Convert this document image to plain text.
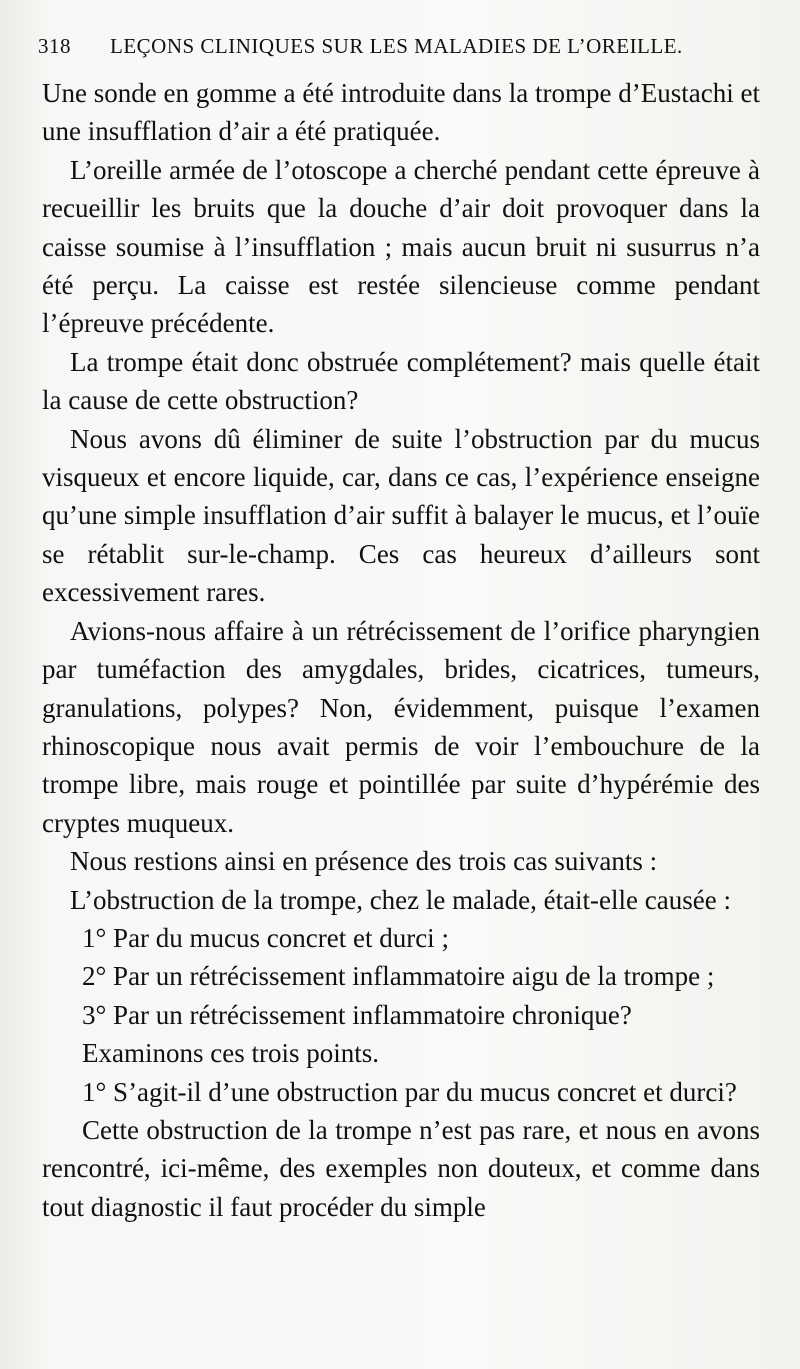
318 LEÇONS CLINIQUES SUR LES MALADIES DE L’OREILLE.

Une sonde en gomme a été introduite dans la trompe d’Eustachi et une insufflation d’air a été pratiquée.

L’oreille armée de l’otoscope a cherché pendant cette épreuve à recueillir les bruits que la douche d’air doit provoquer dans la caisse soumise à l’insufflation ; mais aucun bruit ni susurrus n’a été perçu. La caisse est restée silencieuse comme pendant l’épreuve précédente.

La trompe était donc obstruée complétement? mais quelle était la cause de cette obstruction?

Nous avons dû éliminer de suite l’obstruction par du mucus visqueux et encore liquide, car, dans ce cas, l’expérience enseigne qu’une simple insufflation d’air suffit à balayer le mucus, et l’ouïe se rétablit sur-le-champ. Ces cas heureux d’ailleurs sont excessivement rares.

Avions-nous affaire à un rétrécissement de l’orifice pharyngien par tuméfaction des amygdales, brides, cicatrices, tumeurs, granulations, polypes? Non, évidemment, puisque l’examen rhinoscopique nous avait permis de voir l’embouchure de la trompe libre, mais rouge et pointillée par suite d’hypérémie des cryptes muqueux.

Nous restions ainsi en présence des trois cas suivants :

L’obstruction de la trompe, chez le malade, était-elle causée :

1° Par du mucus concret et durci ;

2° Par un rétrécissement inflammatoire aigu de la trompe ;

3° Par un rétrécissement inflammatoire chronique?

Examinons ces trois points.

1° S’agit-il d’une obstruction par du mucus concret et durci?

Cette obstruction de la trompe n’est pas rare, et nous en avons rencontré, ici-même, des exemples non douteux, et comme dans tout diagnostic il faut procéder du simple
